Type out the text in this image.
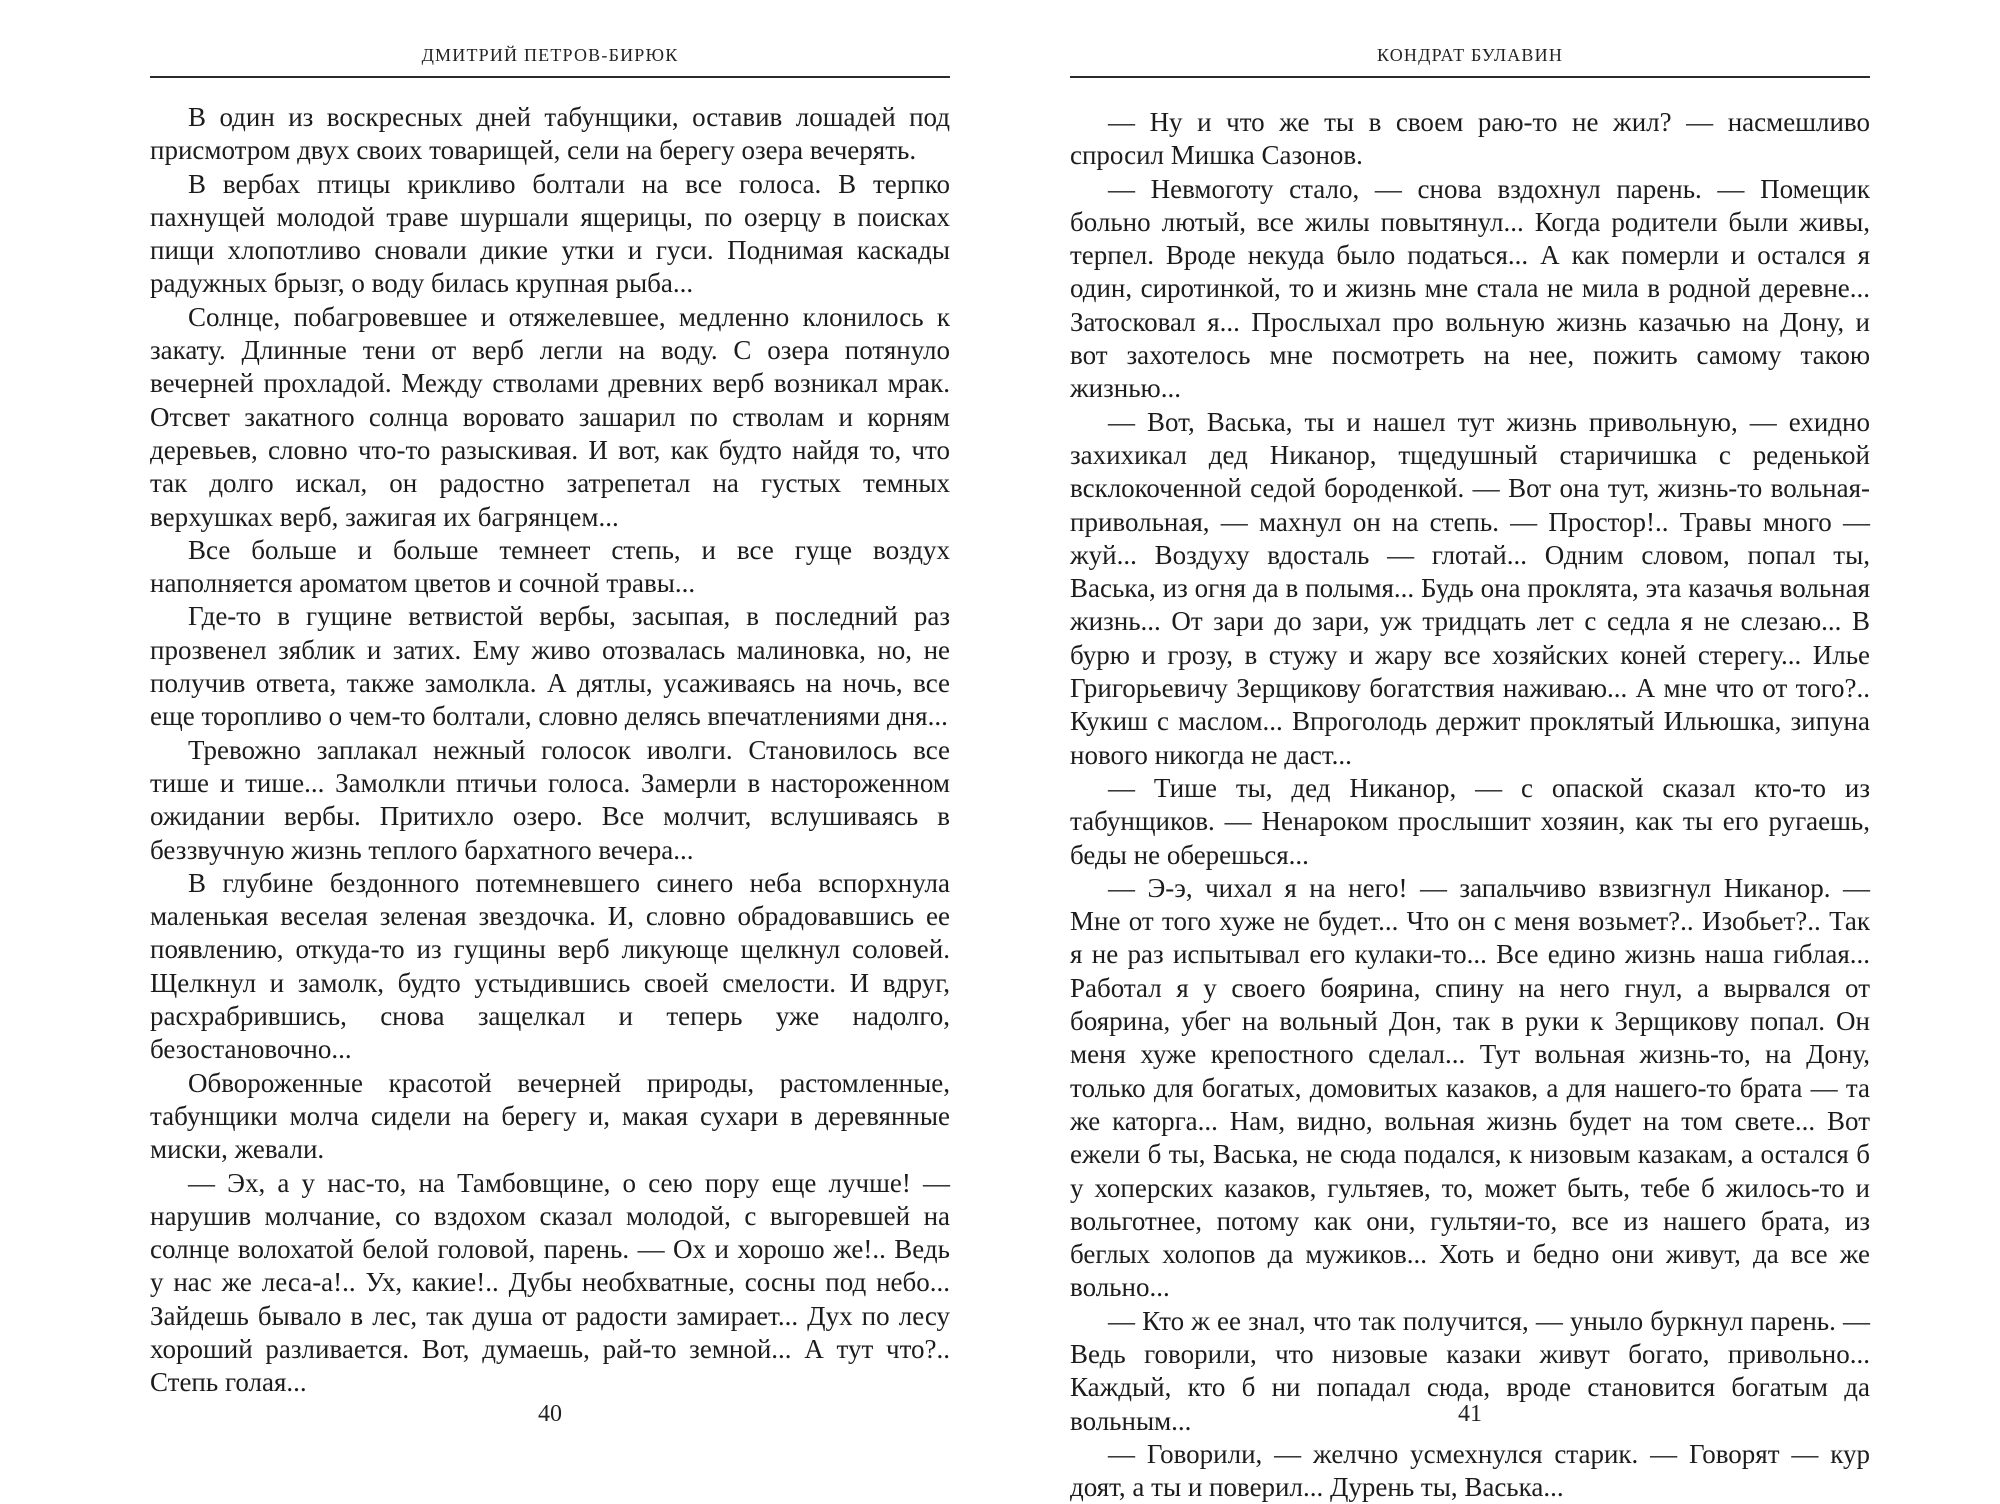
ДМИТРИЙ ПЕТРОВ-БИРЮК

В один из воскресных дней табунщики, оставив лошадей под присмотром двух своих товарищей, сели на берегу озера вечерять.

В вербах птицы крикливо болтали на все голоса. В терпко пахнущей молодой траве шуршали ящерицы, по озерцу в поисках пищи хлопотливо сновали дикие утки и гуси. Поднимая каскады радужных брызг, о воду билась крупная рыба...

Солнце, побагровевшее и отяжелевшее, медленно клонилось к закату. Длинные тени от верб легли на воду. С озера потянуло вечерней прохладой. Между стволами древних верб возникал мрак. Отсвет закатного солнца воровато зашарил по стволам и корням деревьев, словно что-то разыскивая. И вот, как будто найдя то, что так долго искал, он радостно затрепетал на густых темных верхушках верб, зажигая их багрянцем...

Все больше и больше темнеет степь, и все гуще воздух наполняется ароматом цветов и сочной травы...

Где-то в гущине ветвистой вербы, засыпая, в последний раз прозвенел зяблик и затих. Ему живо отозвалась малиновка, но, не получив ответа, также замолкла. А дятлы, усаживаясь на ночь, все еще торопливо о чем-то болтали, словно делясь впечатлениями дня...

Тревожно заплакал нежный голосок иволги. Становилось все тише и тише... Замолкли птичьи голоса. Замерли в настороженном ожидании вербы. Притихло озеро. Все молчит, вслушиваясь в беззвучную жизнь теплого бархатного вечера...

В глубине бездонного потемневшего синего неба вспорхнула маленькая веселая зеленая звездочка. И, словно обрадовавшись ее появлению, откуда-то из гущины верб ликующе щелкнул соловей. Щелкнул и замолк, будто устыдившись своей смелости. И вдруг, расхрабрившись, снова защелкал и теперь уже надолго, безостановочно...

Обвороженные красотой вечерней природы, растомленные, табунщики молча сидели на берегу и, макая сухари в деревянные миски, жевали.

— Эх, а у нас-то, на Тамбовщине, о сею пору еще лучше! — нарушив молчание, со вздохом сказал молодой, с выгоревшей на солнце волохатой белой головой, парень. — Ох и хорошо же!.. Ведь у нас же леса-а!.. Ух, какие!.. Дубы необхватные, сосны под небо... Зайдешь бывало в лес, так душа от радости замирает... Дух по лесу хороший разливается. Вот, думаешь, рай-то земной... А тут что?.. Степь голая...

40
КОНДРАТ БУЛАВИН

— Ну и что же ты в своем раю-то не жил? — насмешливо спросил Мишка Сазонов.

— Невмоготу стало, — снова вздохнул парень. — Помещик больно лютый, все жилы повытянул... Когда родители были живы, терпел. Вроде некуда было податься... А как померли и остался я один, сиротинкой, то и жизнь мне стала не мила в родной деревне... Затосковал я... Прослыхал про вольную жизнь казачью на Дону, и вот захотелось мне посмотреть на нее, пожить самому такою жизнью...

— Вот, Васька, ты и нашел тут жизнь привольную, — ехидно захихикал дед Никанор, тщедушный старичишка с реденькой всклокоченной седой бороденкой. — Вот она тут, жизнь-то вольная-привольная, — махнул он на степь. — Простор!.. Травы много — жуй... Воздуху вдосталь — глотай... Одним словом, попал ты, Васька, из огня да в полымя... Будь она проклята, эта казачья вольная жизнь... От зари до зари, уж тридцать лет с седла я не слезаю... В бурю и грозу, в стужу и жару все хозяйских коней стерегу... Илье Григорьевичу Зерщикову богатствия наживаю... А мне что от того?.. Кукиш с маслом... Впроголодь держит проклятый Ильюшка, зипуна нового никогда не даст...

— Тише ты, дед Никанор, — с опаской сказал кто-то из табунщиков. — Ненароком прослышит хозяин, как ты его ругаешь, беды не оберешься...

— Э-э, чихал я на него! — запальчиво взвизгнул Никанор. — Мне от того хуже не будет... Что он с меня возьмет?.. Изобьет?.. Так я не раз испытывал его кулаки-то... Все едино жизнь наша гиблая... Работал я у своего боярина, спину на него гнул, а вырвался от боярина, убег на вольный Дон, так в руки к Зерщикову попал. Он меня хуже крепостного сделал... Тут вольная жизнь-то, на Дону, только для богатых, домовитых казаков, а для нашего-то брата — та же каторга... Нам, видно, вольная жизнь будет на том свете... Вот ежели б ты, Васька, не сюда подался, к низовым казакам, а остался б у хоперских казаков, гультяев, то, может быть, тебе б жилось-то и вольготнее, потому как они, гультяи-то, все из нашего брата, из беглых холопов да мужиков... Хоть и бедно они живут, да все же вольно...

— Кто ж ее знал, что так получится, — уныло буркнул парень. — Ведь говорили, что низовые казаки живут богато, привольно... Каждый, кто б ни попадал сюда, вроде становится богатым да вольным...

— Говорили, — желчно усмехнулся старик. — Говорят — кур доят, а ты и поверил... Дурень ты, Васька...

41
